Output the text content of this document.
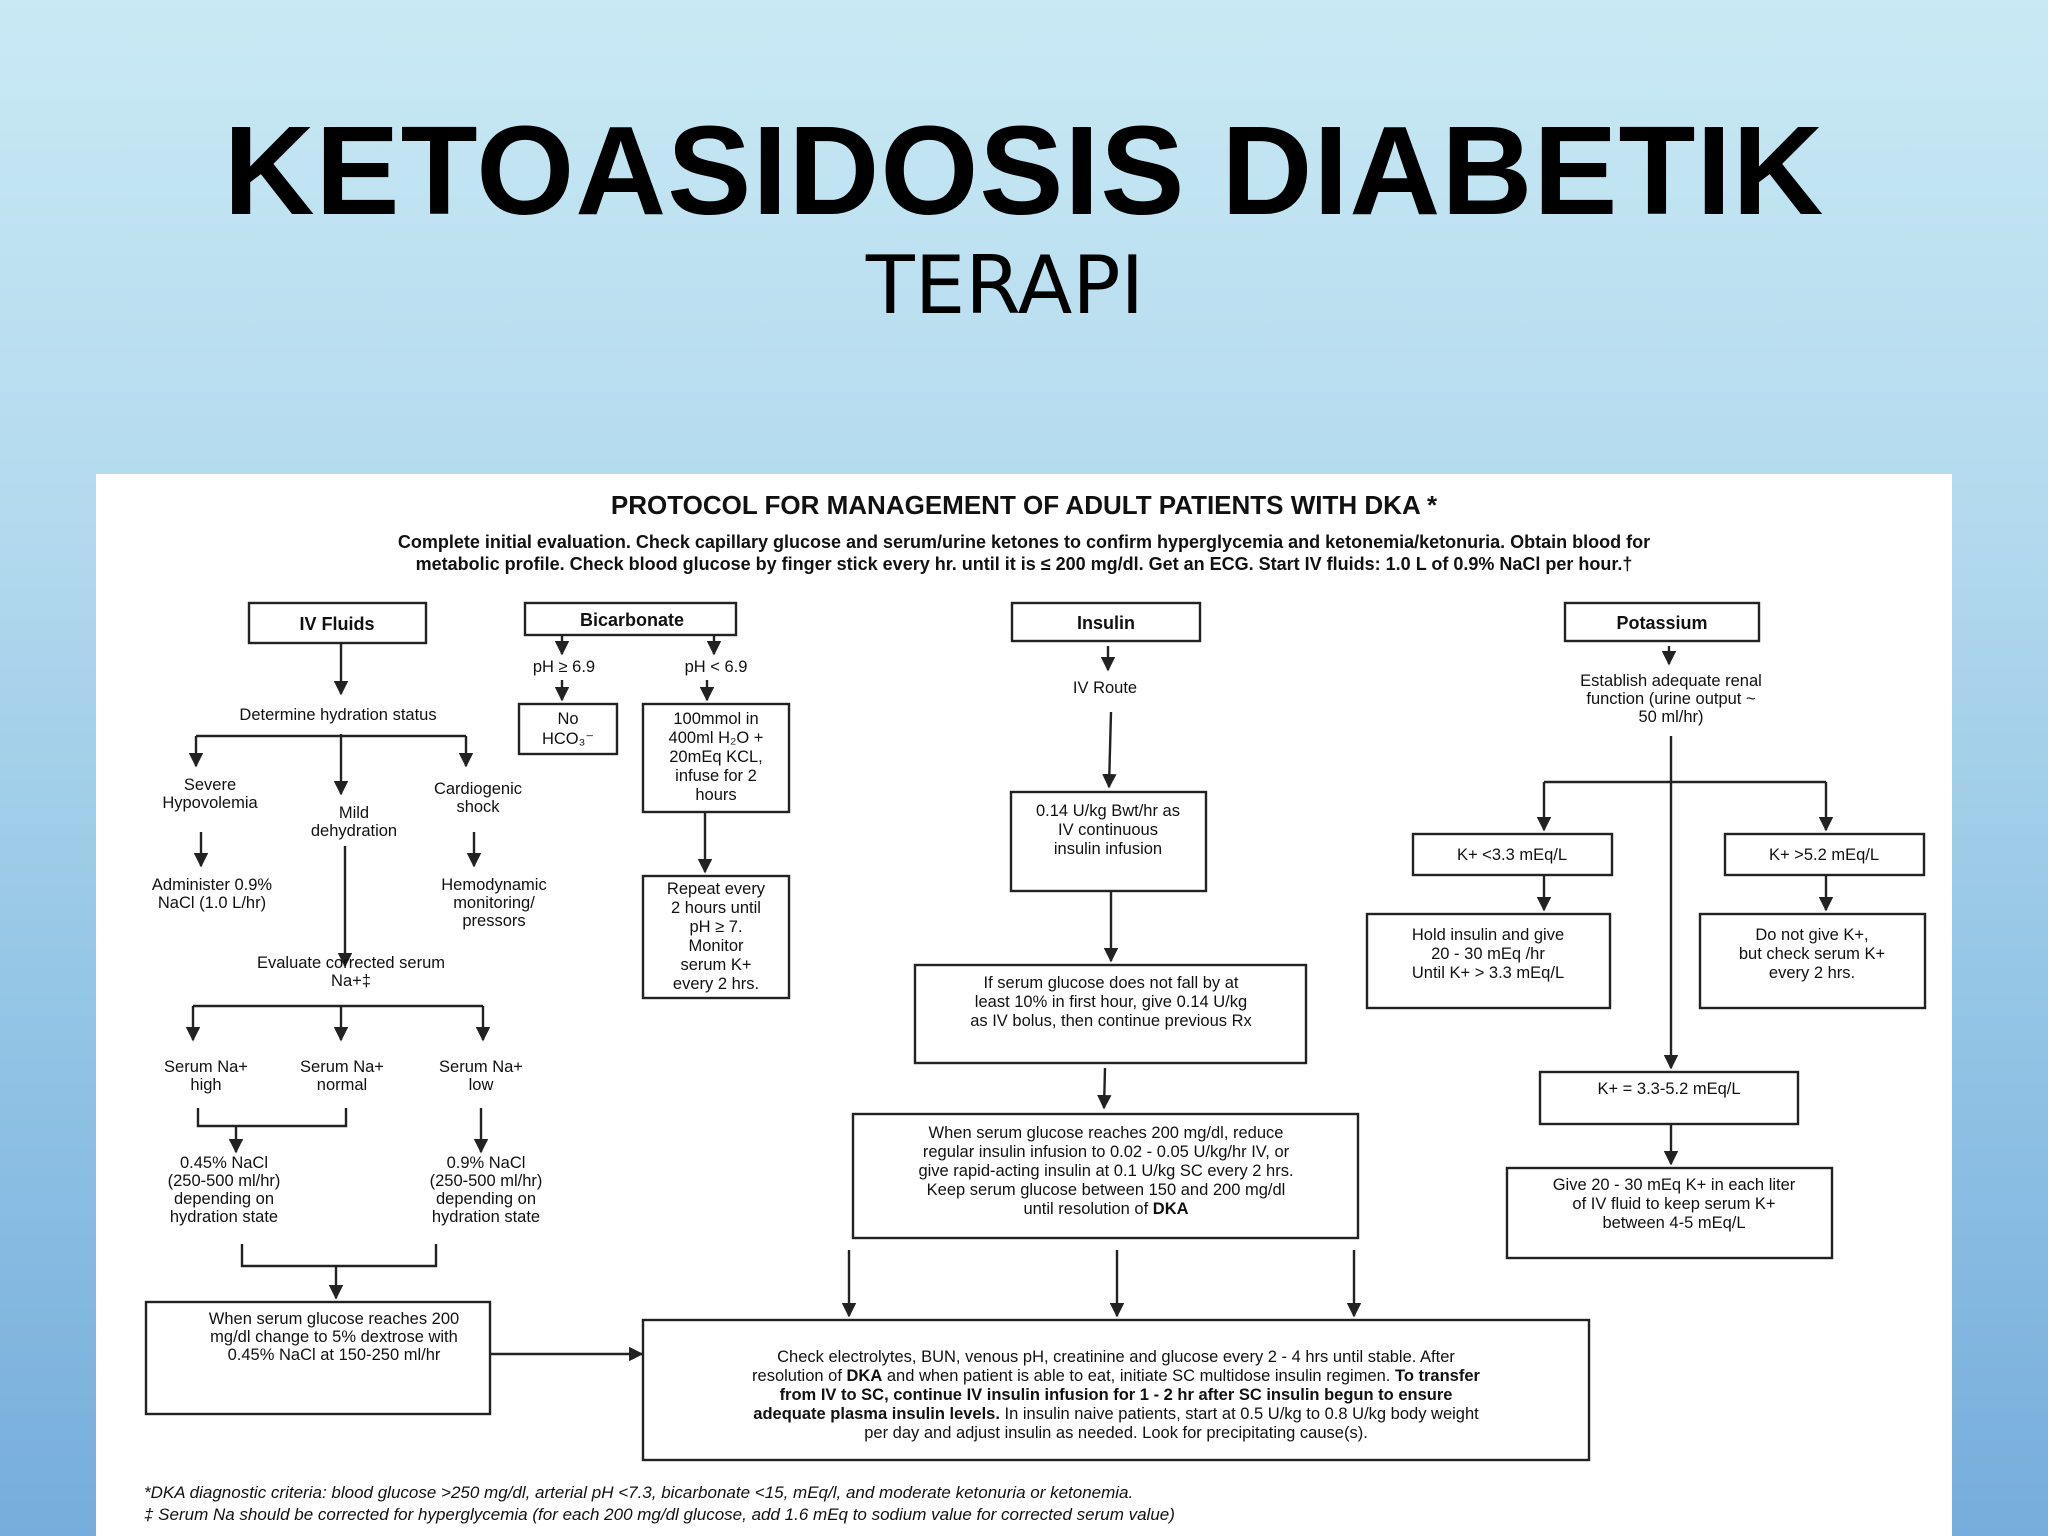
KETOASIDOSIS DIABETIK
TERAPI
PROTOCOL FOR MANAGEMENT OF ADULT PATIENTS WITH DKA *
Complete initial evaluation. Check capillary glucose and serum/urine ketones to confirm hyperglycemia and ketonemia/ketonuria. Obtain blood for
metabolic profile. Check blood glucose by finger stick every hr. until it is ≤ 200 mg/dl. Get an ECG. Start IV fluids: 1.0 L of 0.9% NaCl per hour.†
IV Fluids
Determine hydration status
Severe
Hypovolemia
Mild
dehydration
Cardiogenic
shock
Administer 0.9%
NaCl (1.0 L/hr)
Hemodynamic
monitoring/
pressors
Evaluate corrected serum
Na+‡
Serum Na+
high
Serum Na+
normal
Serum Na+
low
0.45% NaCl
(250-500 ml/hr)
depending on
hydration state
0.9% NaCl
(250-500 ml/hr)
depending on
hydration state
When serum glucose reaches 200
mg/dl change to 5% dextrose with
0.45% NaCl at 150-250 ml/hr
Bicarbonate
pH ≥ 6.9	pH < 6.9
No
HCO₃⁻
100mmol in
400ml H₂O +
20mEq KCL,
infuse for 2
hours
Repeat every
2 hours until
pH ≥ 7.
Monitor
serum K+
every 2 hrs.
Insulin
IV Route
0.14 U/kg Bwt/hr as
IV continuous
insulin infusion
If serum glucose does not fall by at
least 10% in first hour, give 0.14 U/kg
as IV bolus, then continue previous Rx
When serum glucose reaches 200 mg/dl, reduce
regular insulin infusion to 0.02 - 0.05 U/kg/hr IV, or
give rapid-acting insulin at 0.1 U/kg SC every 2 hrs.
Keep serum glucose between 150 and 200 mg/dl
until resolution of DKA
Potassium
Establish adequate renal
function (urine output ~
50 ml/hr)
K+ <3.3 mEq/L	K+ >5.2 mEq/L
Hold insulin and give
20 - 30 mEq /hr
Until K+ > 3.3 mEq/L
Do not give K+,
but check serum K+
every 2 hrs.
K+ = 3.3-5.2 mEq/L
Give 20 - 30 mEq K+ in each liter
of IV fluid to keep serum K+
between 4-5 mEq/L
Check electrolytes, BUN, venous pH, creatinine and glucose every 2 - 4 hrs until stable. After
resolution of DKA and when patient is able to eat, initiate SC multidose insulin regimen. To transfer
from IV to SC, continue IV insulin infusion for 1 - 2 hr after SC insulin begun to ensure
adequate plasma insulin levels. In insulin naive patients, start at 0.5 U/kg to 0.8 U/kg body weight
per day and adjust insulin as needed. Look for precipitating cause(s).
*DKA diagnostic criteria: blood glucose >250 mg/dl, arterial pH <7.3, bicarbonate <15, mEq/l, and moderate ketonuria or ketonemia.
‡ Serum Na should be corrected for hyperglycemia (for each 200 mg/dl glucose, add 1.6 mEq to sodium value for corrected serum value)
